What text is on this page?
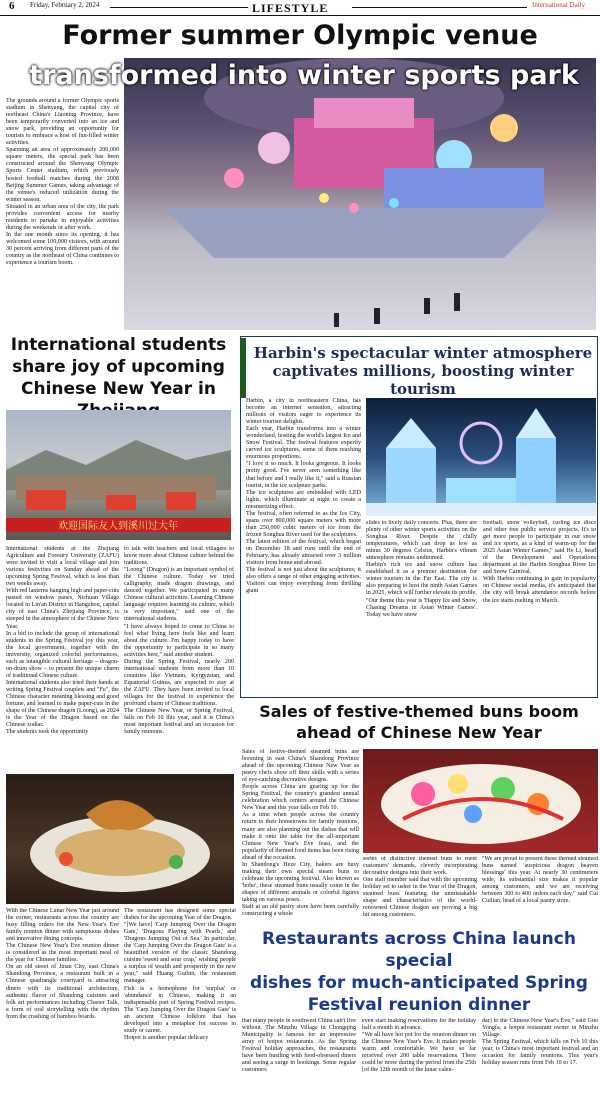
6 Friday, February 2, 2024	LIFESTYLE	International Daily
Former summer Olympic venue
transformed into winter sports park
The grounds around a former Olympic sports stadium in Shenyang, the capital city of northeast China's Liaoning Province, have been temporarily converted into an ice and snow park, providing an opportunity for tourists to embrace a host of fun-filled winter activities.
Spanning an area of approximately 200,000 square meters, the special park has been constructed around the Shenyang Olympic Sports Center stadium, which previously hosted football matches during the 2008 Beijing Summer Games, taking advantage of the venue's reduced utilization during the winter season.
Situated in an urban area of the city, the park provides convenient access for nearby residents to partake in enjoyable activities during the weekends or after work.
In the one month since its opening, it has welcomed some 100,000 visitors, with around 30 percent arriving from different parts of the country as the northeast of China continues to experience a tourism boom.
International students share joy of upcoming Chinese New Year in
欢迎国际友人到溪川过大年
International students at the Zhejiang Agriculture and Forestry University (ZAFU) were invited to visit a local village and join various festivities on Sunday ahead of the upcoming Spring Festival, which is less than two weeks away.
With red lanterns hanging high and paper-cuts pasted on window panes, Nichuan Village located in Lin'an District in Hangzhou, capital city of east China's Zhejiang Province, is steeped in the atmosphere of the Chinese New Year.
In a bid to include the group of international students in the Spring Festival joy this year, the local government, together with the university, organized colorful performances, such as intangible cultural heritage – dragon-on-drum show – to present the unique charm of traditional Chinese culture.
International students also tried their hands at writing Spring Festival couplets and "Fu", the Chinese character meaning blessing and good fortune, and learned to make paper-cuts in the shape of the Chinese dragon (Loong), as 2024 is the Year of the Dragon based on the Chinese zodiac.
The students took the opportunity
to talk with teachers and local villagers to know more about Chinese culture behind the traditions.
"Loong" (Dragon) is an important symbol of the Chinese culture. Today we tried calligraphy, made dragon drawings, and danced together. We participated in many Chinese cultural activities. Learning Chinese language requires learning its culture, which is very important," said one of the international students.
"I have always hoped to come to China to feel what living here feels like and learn about the culture. I'm happy today to have the opportunity to participate in so many activities here," said another student.
During the Spring Festival, nearly 200 international students from more than 10 countries like Vietnam, Kyrgyzstan, and Equatorial Guinea, are expected to stay at the ZAFU. They have been invited to local villages for the festival to experience the profound charm of Chinese traditions.
The Chinese New Year, or Spring Festival, falls on Feb 10 this year, and it is China's most important festival and an occasion for family reunions.
Harbin's spectacular winter atmosphere
captivates millions, boosting winter tourism
Harbin, a city in northeastern China, has become an internet sensation, attracting millions of visitors eager to experience its winter tourism delights.
Each year, Harbin transforms into a winter wonderland, hosting the world's largest Ice and Snow Festival. The festival features expertly carved ice sculptures, some of them reaching enormous proportions.
"I love it so much. It looks gorgeous. It looks pretty good. I've never seen something like that before and I really like it," said a Russian tourist, in the ice sculpture parks.
The ice sculptures are embedded with LED lights, which illuminate at night to create a mesmerizing effect.
The festival, often referred to as the Ice City, spans over 800,000 square meters with more than 250,000 cubic meters of ice from the frozen Songhua River used for the sculptures.
The latest edition of the festival, which began on December 18 and runs until the end of February, has already attracted over 3 million visitors from home and abroad.
The festival is not just about the sculptures; it also offers a range of other engaging activities. Visitors can enjoy everything from thrilling giant
slides to lively daily concerts. Plus, there are plenty of other winter sports activities on the Songhua River. Despite the chilly temperatures, which can drop as low as minus 30 degrees Celsius, Harbin's vibrant atmosphere remains undimmed.
Harbin's rich ice and snow culture has established it as a premier destination for winter tourism in the Far East. The city is also preparing to host the ninth Asian Games in 2025, which will further elevate its profile.
"Our theme this year is 'Happy Ice and Snow, Chasing Dreams in Asian Winter Games'. Today we have snow
football, snow volleyball, curling ice discs and other free public service projects. It's to get more people to participate in our snow and ice sports, as a kind of warm-up for the 2025 Asian Winter Games," said He Li, head of the Development and Operations department at the Harbin Songhua River Ice and Snow Carnival.
With Harbin continuing to gain in popularity on Chinese social media, it's anticipated that the city will break attendance records before the ice starts melting in March.
Sales of festive-themed buns boom
ahead of Chinese New Year
Sales of festive-themed steamed buns are booming in east China's Shandong Province ahead of the upcoming Chinese New Year as pastry chefs show off their skills with a series of eye-catching decorative designs.
People across China are gearing up for the Spring Festival, the country's grandest annual celebration which centers around the Chinese New Year and this year falls on Feb 10.
As a time when people across the country return to their hometowns for family reunions, many are also planning out the dishes that will make it onto the table for the all-important Chinese New Year's Eve feast, and the popularity of themed food items has been rising ahead of the occasion.
In Shandong's Heze City, bakers are busy making their own special steam buns to celebrate the upcoming festival. Also known as 'bobo', these steamed buns usually come in the shapes of different animals or colorful figures taking on various poses.
Staff at an old pastry store have been carefully constructing a whole
series of distinctive themed buns to meet customers' demands, cleverly incorporating decorative designs into their work.
One staff member said that with the upcoming holiday set to usher in the Year of the Dragon, steamed buns featuring the unmistakable shape and characteristics of the world-renowned Chinese dragon are proving a big hit among customers.
"We are proud to present these themed steamed buns named 'auspicious dragon heaven blessings' this year. At nearly 30 centimeters wide, its substantial size makes it popular among customers, and we are receiving between 300 to 400 orders each day," said Cui Cuilian, head of a local pastry store.
Restaurants across China launch special
dishes for much-anticipated Spring
Festival reunion dinner
With the Chinese Lunar New Year just around the corner, restaurants across the country are busy filling orders for the New Year's Eve family reunion dinner with sumptuous dishes and innovative dining concepts.
The Chinese New Year's Eve reunion dinner is considered as the most important meal of the year for Chinese families.
On an old street of Jinan City, east China's Shandong Province, a restaurant built in a Chinese quadrangle courtyard is attracting diners with its traditional architecture, authentic flavor of Shandong cuisines and folk art performances including Chaoer Talk, a form of oral storytelling with the rhythm from the crashing of bamboo boards.
The restaurant has designed some special dishes for the upcoming Year of the Dragon.
"[We have] 'Carp Jumping Over the Dragon Gate,' 'Dragons Playing with Pearls,' and 'Dragons Jumping Out of Sea.' In particular, the 'Carp Jumping Over the Dragon Gate' is a beautified version of the classic Shandong cuisine 'sweet and sour crap,' wishing people a surplus of wealth and prosperity in the new year," said Huang Guibin, the restaurant manager.
Fish is a homophone for 'surplus' or 'abundance' in Chinese, making it an indispensable part of Spring Festival recipes. The 'Carp Jumping Over the Dragon Gate' is an ancient Chinese folklore that has developed into a metaphor for success in study or career.
Hotpot is another popular delicacy
that many people in southwest China can't live without. The Minzhu Village in Chongqing Municipality is famous for an impressive array of hotpot restaurants. As the Spring Festival holiday approaches, the restaurants have been bustling with food-obsessed diners and seeing a surge in bookings. Some regular customers
even start making reservations for the holiday half a month in advance.
"We all have hot pot for the reunion dinner on the Chinese New Year's Eve. It makes people warm and comfortable. We have so far received over 200 table reservations. There could be more during the period from the 25th [of the 12th month of the lunar calen-
dar] to the Chinese New Year's Eve," said Guo Yongfa, a hotpot restaurant owner in Minzhu Village.
The Spring Festival, which falls on Feb 10 this year, is China's most important festival and an occasion for family reunions. This year's holiday season runs from Feb 10 to 17.
